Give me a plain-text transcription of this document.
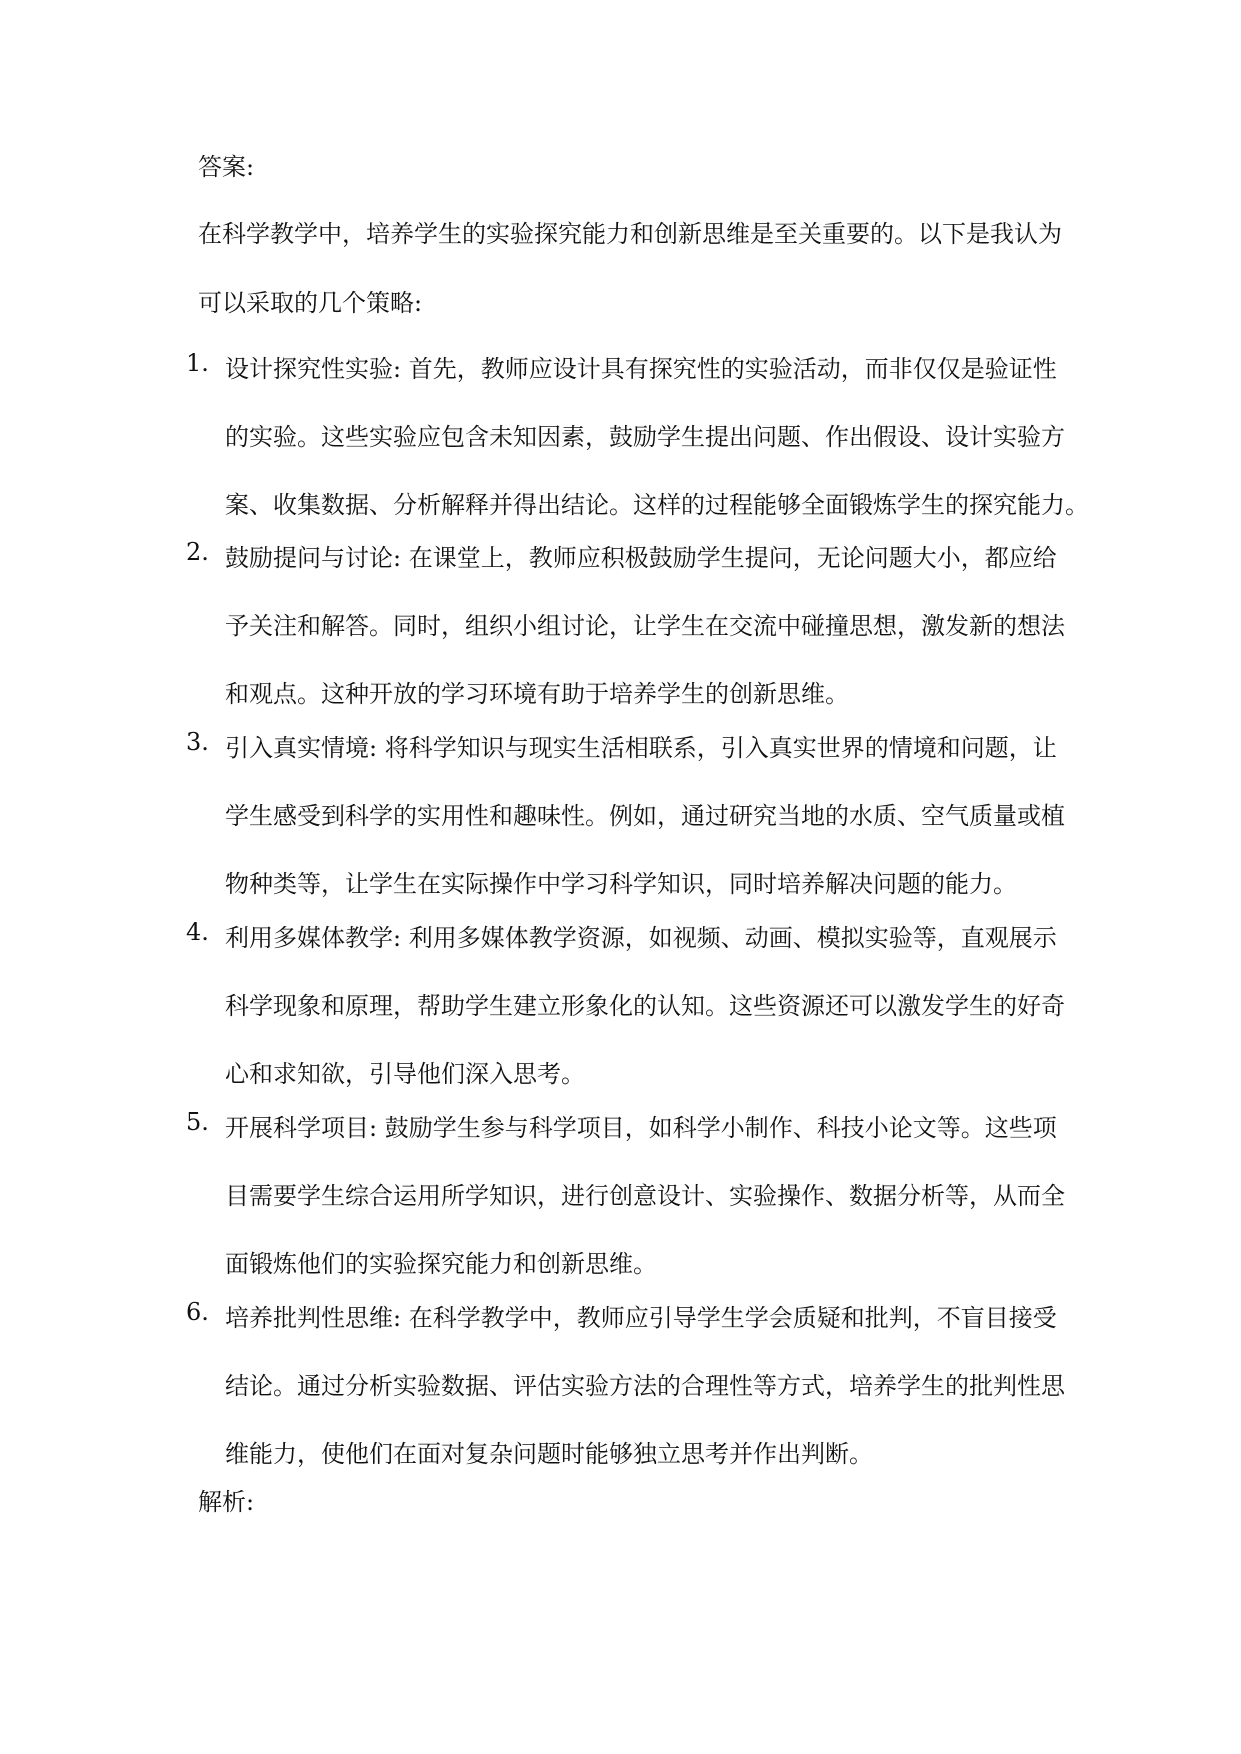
答案:

在科学教学中，培养学生的实验探究能力和创新思维是至关重要的。以下是我认为

可以采取的几个策略:

1. 设计探究性实验: 首先，教师应设计具有探究性的实验活动，而非仅仅是验证性
的实验。这些实验应包含未知因素，鼓励学生提出问题、作出假设、设计实验方
案、收集数据、分析解释并得出结论。这样的过程能够全面锻炼学生的探究能力。
2. 鼓励提问与讨论: 在课堂上，教师应积极鼓励学生提问，无论问题大小，都应给
予关注和解答。同时，组织小组讨论，让学生在交流中碰撞思想，激发新的想法
和观点。这种开放的学习环境有助于培养学生的创新思维。
3. 引入真实情境: 将科学知识与现实生活相联系，引入真实世界的情境和问题，让
学生感受到科学的实用性和趣味性。例如，通过研究当地的水质、空气质量或植
物种类等，让学生在实际操作中学习科学知识，同时培养解决问题的能力。
4. 利用多媒体教学: 利用多媒体教学资源，如视频、动画、模拟实验等，直观展示
科学现象和原理，帮助学生建立形象化的认知。这些资源还可以激发学生的好奇
心和求知欲，引导他们深入思考。
5. 开展科学项目: 鼓励学生参与科学项目，如科学小制作、科技小论文等。这些项
目需要学生综合运用所学知识，进行创意设计、实验操作、数据分析等，从而全
面锻炼他们的实验探究能力和创新思维。
6. 培养批判性思维: 在科学教学中，教师应引导学生学会质疑和批判，不盲目接受
结论。通过分析实验数据、评估实验方法的合理性等方式，培养学生的批判性思
维能力，使他们在面对复杂问题时能够独立思考并作出判断。

解析:
